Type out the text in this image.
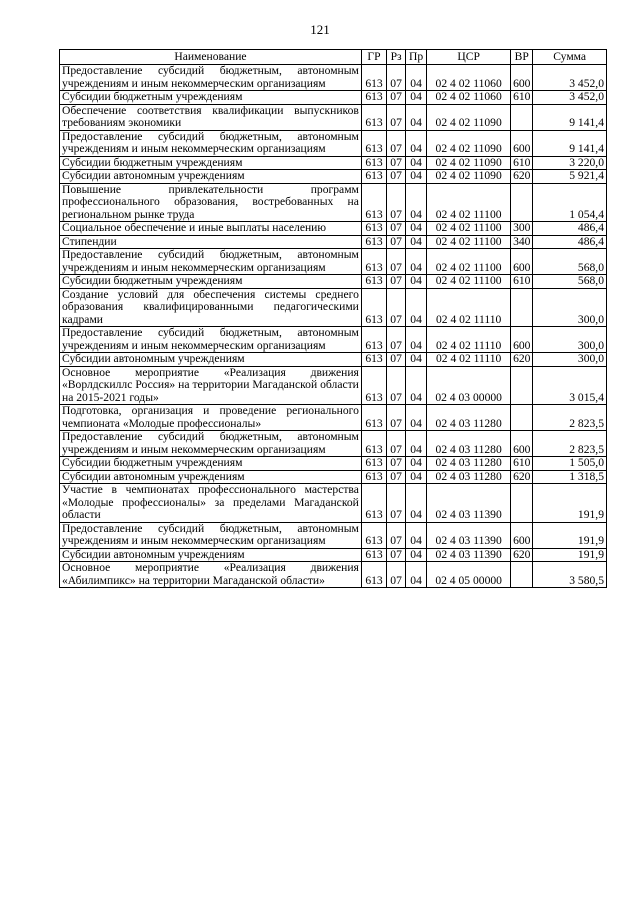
121
Наименование	ГР	Рз	Пр	ЦСР	ВР	Сумма
Предоставление субсидий бюджетным, автономным учреждениям и иным некоммерческим организациям	613	07	04	02 4 02 11060	600	3 452,0
Субсидии бюджетным учреждениям	613	07	04	02 4 02 11060	610	3 452,0
Обеспечение соответствия квалификации выпускников требованиям экономики	613	07	04	02 4 02 11090		9 141,4
Предоставление субсидий бюджетным, автономным учреждениям и иным некоммерческим организациям	613	07	04	02 4 02 11090	600	9 141,4
Субсидии бюджетным учреждениям	613	07	04	02 4 02 11090	610	3 220,0
Субсидии автономным учреждениям	613	07	04	02 4 02 11090	620	5 921,4
Повышение привлекательности программ профессионального образования, востребованных на региональном рынке труда	613	07	04	02 4 02 11100		1 054,4
Социальное обеспечение и иные выплаты населению	613	07	04	02 4 02 11100	300	486,4
Стипендии	613	07	04	02 4 02 11100	340	486,4
Предоставление субсидий бюджетным, автономным учреждениям и иным некоммерческим организациям	613	07	04	02 4 02 11100	600	568,0
Субсидии бюджетным учреждениям	613	07	04	02 4 02 11100	610	568,0
Создание условий для обеспечения системы среднего образования квалифицированными педагогическими кадрами	613	07	04	02 4 02 11110		300,0
Предоставление субсидий бюджетным, автономным учреждениям и иным некоммерческим организациям	613	07	04	02 4 02 11110	600	300,0
Субсидии автономным учреждениям	613	07	04	02 4 02 11110	620	300,0
Основное мероприятие «Реализация движения «Ворлдскиллс Россия» на территории Магаданской области на 2015-2021 годы»	613	07	04	02 4 03 00000		3 015,4
Подготовка, организация и проведение регионального чемпионата «Молодые профессионалы»	613	07	04	02 4 03 11280		2 823,5
Предоставление субсидий бюджетным, автономным учреждениям и иным некоммерческим организациям	613	07	04	02 4 03 11280	600	2 823,5
Субсидии бюджетным учреждениям	613	07	04	02 4 03 11280	610	1 505,0
Субсидии автономным учреждениям	613	07	04	02 4 03 11280	620	1 318,5
Участие в чемпионатах профессионального мастерства «Молодые профессионалы» за пределами Магаданской области	613	07	04	02 4 03 11390		191,9
Предоставление субсидий бюджетным, автономным учреждениям и иным некоммерческим организациям	613	07	04	02 4 03 11390	600	191,9
Субсидии автономным учреждениям	613	07	04	02 4 03 11390	620	191,9
Основное мероприятие «Реализация движения «Абилимпикс» на территории Магаданской области»	613	07	04	02 4 05 00000		3 580,5
